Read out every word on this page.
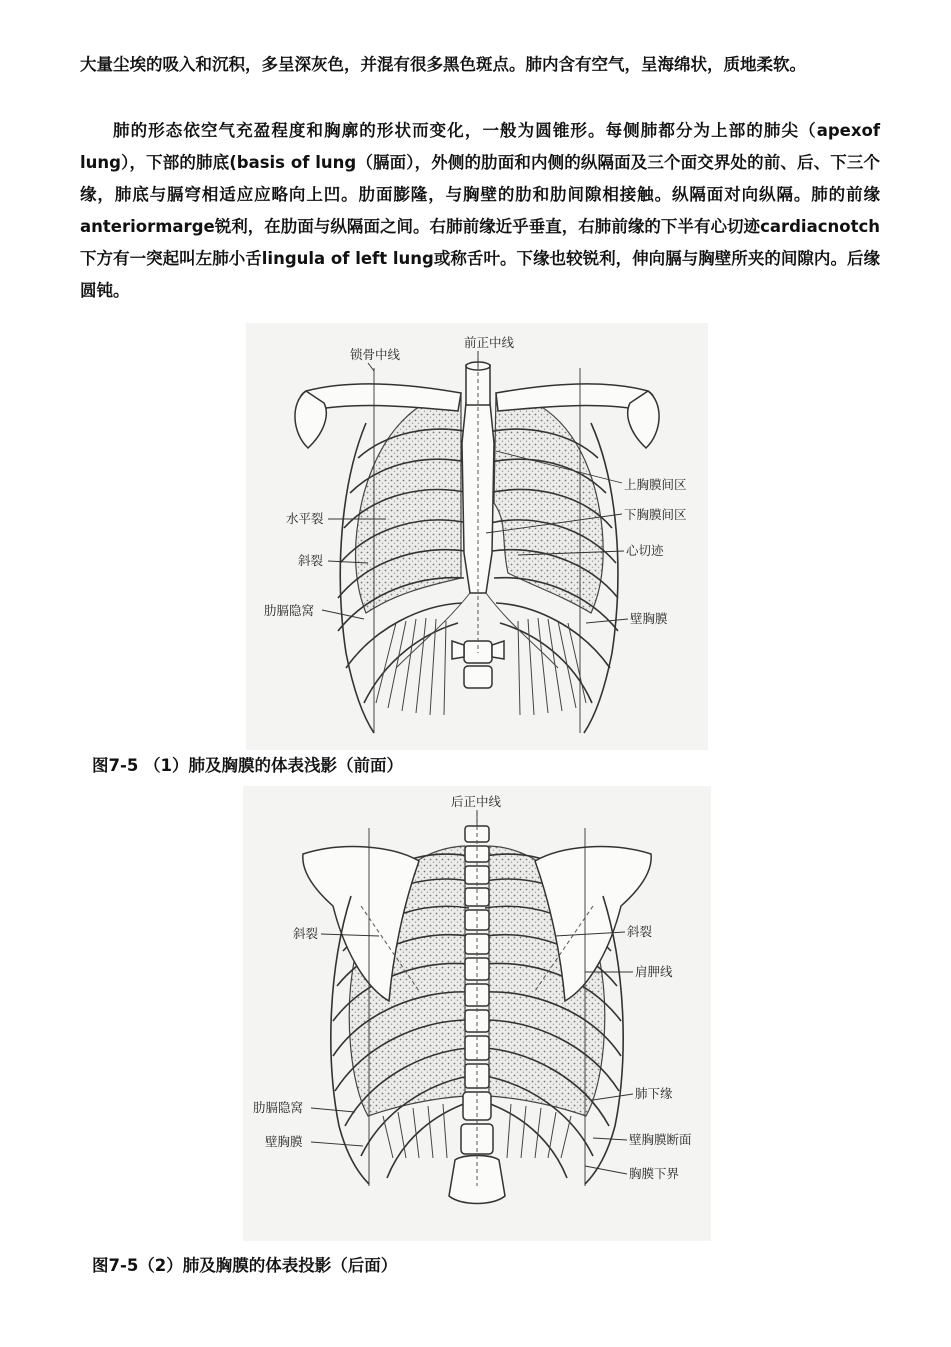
大量尘埃的吸入和沉积，多呈深灰色，并混有很多黑色斑点。肺内含有空气，呈海绵状，质地柔软。

肺的形态依空气充盈程度和胸廓的形状而变化，一般为圆锥形。每侧肺都分为上部的肺尖（apexof lung），下部的肺底(basis of lung（膈面），外侧的肋面和内侧的纵隔面及三个面交界处的前、后、下三个缘，肺底与膈穹相适应应略向上凹。肋面膨隆，与胸壁的肋和肋间隙相接触。纵隔面对向纵隔。肺的前缘anteriormarge锐利，在肋面与纵隔面之间。右肺前缘近乎垂直，右肺前缘的下半有心切迹cardiacnotch下方有一突起叫左肺小舌lingula of left lung或称舌叶。下缘也较锐利，伸向膈与胸壁所夹的间隙内。后缘圆钝。

前正中线
锁骨中线
上胸膜间区
水平裂	下胸膜间区
斜裂
心切迹
肋膈隐窝
壁胸膜
图7-5 （1）肺及胸膜的体表浅影（前面）
后正中线
斜裂	斜裂
肩胛线
肺下缘
肋膈隐窝
壁胸膜断面
壁胸膜
胸膜下界
图7-5（2）肺及胸膜的体表投影（后面）
